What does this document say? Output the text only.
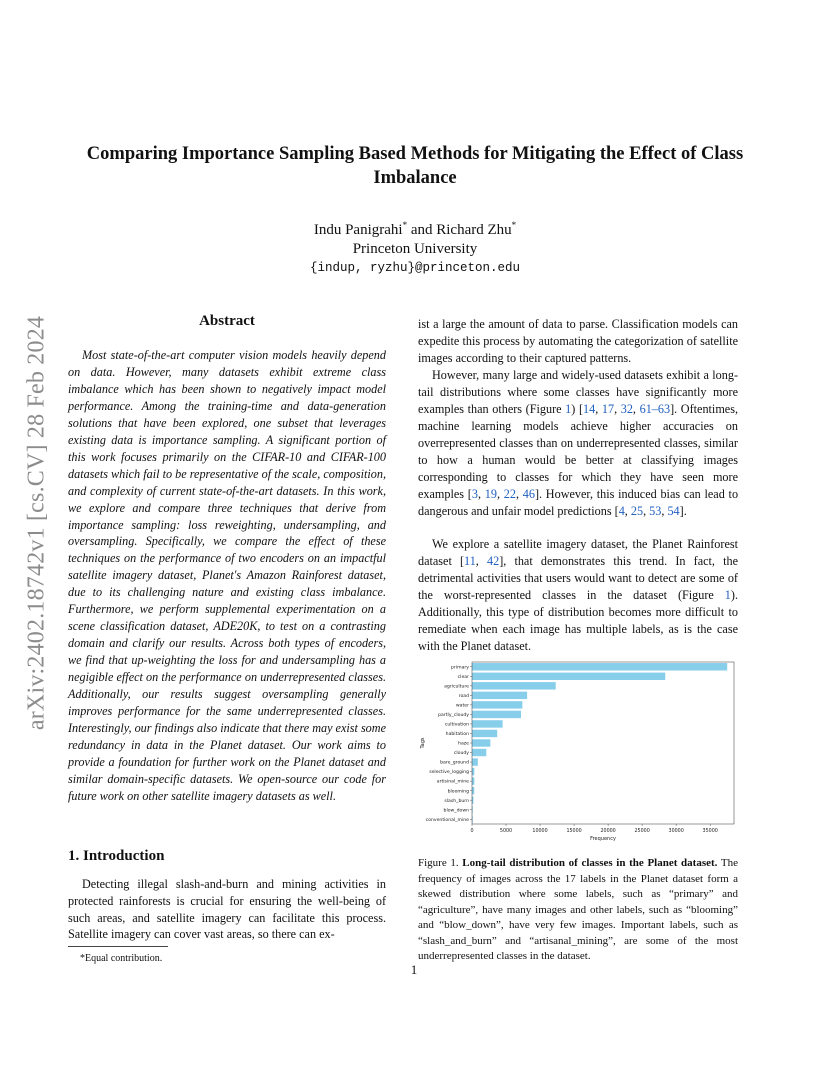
arXiv:2402.18742v1 [cs.CV] 28 Feb 2024
Comparing Importance Sampling Based Methods for Mitigating the Effect of Class Imbalance
Indu Panigrahi* and Richard Zhu*
Princeton University
{indup, ryzhu}@princeton.edu
Abstract

Most state-of-the-art computer vision models heavily depend on data. However, many datasets exhibit extreme class imbalance which has been shown to negatively impact model performance. Among the training-time and data-generation solutions that have been explored, one subset that leverages existing data is importance sampling. A significant portion of this work focuses primarily on the CIFAR-10 and CIFAR-100 datasets which fail to be representative of the scale, composition, and complexity of current state-of-the-art datasets. In this work, we explore and compare three techniques that derive from importance sampling: loss reweighting, undersampling, and oversampling. Specifically, we compare the effect of these techniques on the performance of two encoders on an impactful satellite imagery dataset, Planet's Amazon Rainforest dataset, due to its challenging nature and existing class imbalance. Furthermore, we perform supplemental experimentation on a scene classification dataset, ADE20K, to test on a contrasting domain and clarify our results. Across both types of encoders, we find that up-weighting the loss for and undersampling has a negigible effect on the performance on underrepresented classes. Additionally, our results suggest oversampling generally improves performance for the same underrepresented classes. Interestingly, our findings also indicate that there may exist some redundancy in data in the Planet dataset. Our work aims to provide a foundation for further work on the Planet dataset and similar domain-specific datasets. We open-source our code for future work on other satellite imagery datasets as well.

1. Introduction

Detecting illegal slash-and-burn and mining activities in protected rainforests is crucial for ensuring the well-being of such areas, and satellite imagery can facilitate this process. Satellite imagery can cover vast areas, so there can ex-

*Equal contribution.

ist a large the amount of data to parse. Classification models can expedite this process by automating the categorization of satellite images according to their captured patterns.

However, many large and widely-used datasets exhibit a long-tail distributions where some classes have significantly more examples than others (Figure 1) [14, 17, 32, 61–63]. Oftentimes, machine learning models achieve higher accuracies on overrepresented classes than on underrepresented classes, similar to how a human would be better at classifying images corresponding to classes for which they have seen more examples [3, 19, 22, 46]. However, this induced bias can lead to dangerous and unfair model predictions [4, 25, 53, 54].

We explore a satellite imagery dataset, the Planet Rainforest dataset [11, 42], that demonstrates this trend. In fact, the detrimental activities that users would want to detect are some of the worst-represented classes in the dataset (Figure 1). Additionally, this type of distribution becomes more difficult to remediate when each image has multiple labels, as is the case with the Planet dataset.

primary
clear
agriculture
road
water
partly_cloudy
cultivation
habitation
haze
cloudy
bare_ground
selective_logging
artisinal_mine
blooming
slash_burn
blow_down
conventional_mine
0	5000	10000	15000	20000	25000	30000	35000
Frequency
Tags

Figure 1. Long-tail distribution of classes in the Planet dataset. The frequency of images across the 17 labels in the Planet dataset form a skewed distribution where some labels, such as “primary” and “agriculture”, have many images and other labels, such as “blooming” and “blow_down”, have very few images. Important labels, such as “slash_and_burn” and “artisanal_mining”, are some of the most underrepresented classes in the dataset.

1
